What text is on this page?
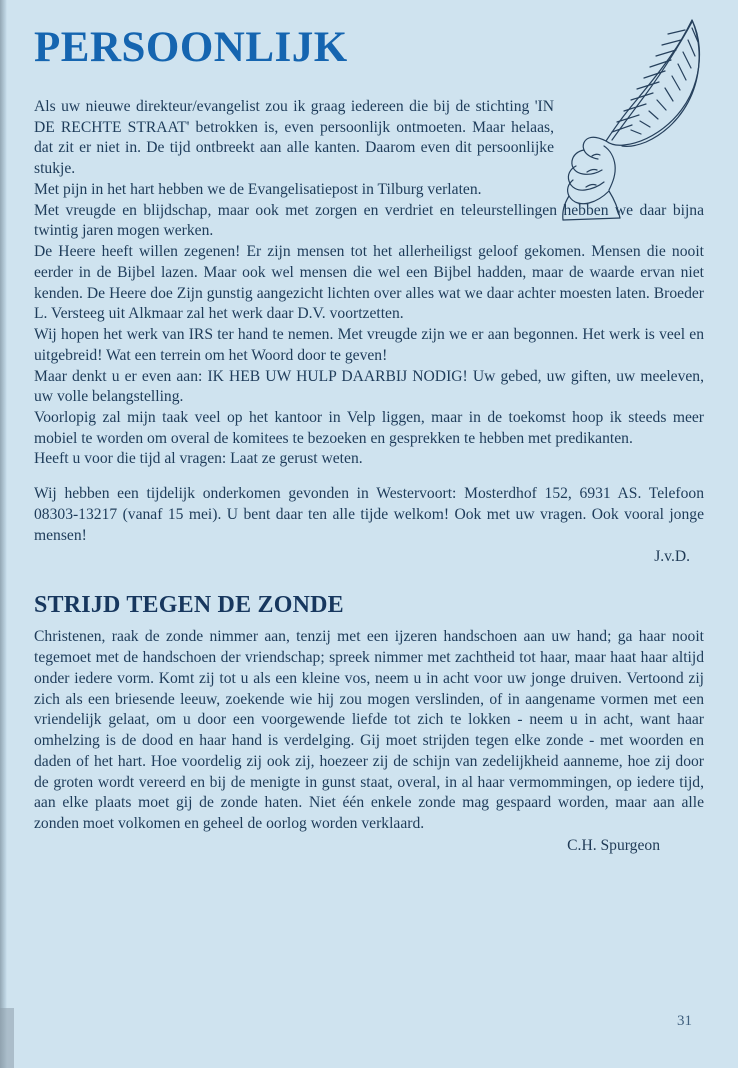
PERSOONLIJK

Als uw nieuwe direkteur/evangelist zou ik graag iedereen die bij de stichting 'IN DE RECHTE STRAAT' betrokken is, even persoonlijk ontmoeten. Maar helaas, dat zit er niet in. De tijd ontbreekt aan alle kanten. Daarom even dit persoonlijke stukje.

Met pijn in het hart hebben we de Evangelisatiepost in Tilburg verlaten.

Met vreugde en blijdschap, maar ook met zorgen en verdriet en teleurstellingen hebben we daar bijna twintig jaren mogen werken.

De Heere heeft willen zegenen! Er zijn mensen tot het allerheiligst geloof gekomen. Mensen die nooit eerder in de Bijbel lazen. Maar ook wel mensen die wel een Bijbel hadden, maar de waarde ervan niet kenden. De Heere doe Zijn gunstig aangezicht lichten over alles wat we daar achter moesten laten. Broeder L. Versteeg uit Alkmaar zal het werk daar D.V. voortzetten.

Wij hopen het werk van IRS ter hand te nemen. Met vreugde zijn we er aan begonnen. Het werk is veel en uitgebreid! Wat een terrein om het Woord door te geven!

Maar denkt u er even aan: IK HEB UW HULP DAARBIJ NODIG! Uw gebed, uw giften, uw meeleven, uw volle belangstelling.

Voorlopig zal mijn taak veel op het kantoor in Velp liggen, maar in de toekomst hoop ik steeds meer mobiel te worden om overal de komitees te bezoeken en gesprekken te hebben met predikanten.

Heeft u voor die tijd al vragen: Laat ze gerust weten.

Wij hebben een tijdelijk onderkomen gevonden in Westervoort: Mosterdhof 152, 6931 AS. Telefoon 08303-13217 (vanaf 15 mei). U bent daar ten alle tijde welkom! Ook met uw vragen. Ook vooral jonge mensen!

J.v.D.
STRIJD TEGEN DE ZONDE

Christenen, raak de zonde nimmer aan, tenzij met een ijzeren handschoen aan uw hand; ga haar nooit tegemoet met de handschoen der vriendschap; spreek nimmer met zachtheid tot haar, maar haat haar altijd onder iedere vorm. Komt zij tot u als een kleine vos, neem u in acht voor uw jonge druiven. Vertoond zij zich als een briesende leeuw, zoekende wie hij zou mogen verslinden, of in aangename vormen met een vriendelijk gelaat, om u door een voorgewende liefde tot zich te lokken - neem u in acht, want haar omhelzing is de dood en haar hand is verdelging. Gij moet strijden tegen elke zonde - met woorden en daden of het hart. Hoe voordelig zij ook zij, hoezeer zij de schijn van zedelijkheid aanneme, hoe zij door de groten wordt vereerd en bij de menigte in gunst staat, overal, in al haar vermommingen, op iedere tijd, aan elke plaats moet gij de zonde haten. Niet één enkele zonde mag gespaard worden, maar aan alle zonden moet volkomen en geheel de oorlog worden verklaard.

C.H. Spurgeon
31
